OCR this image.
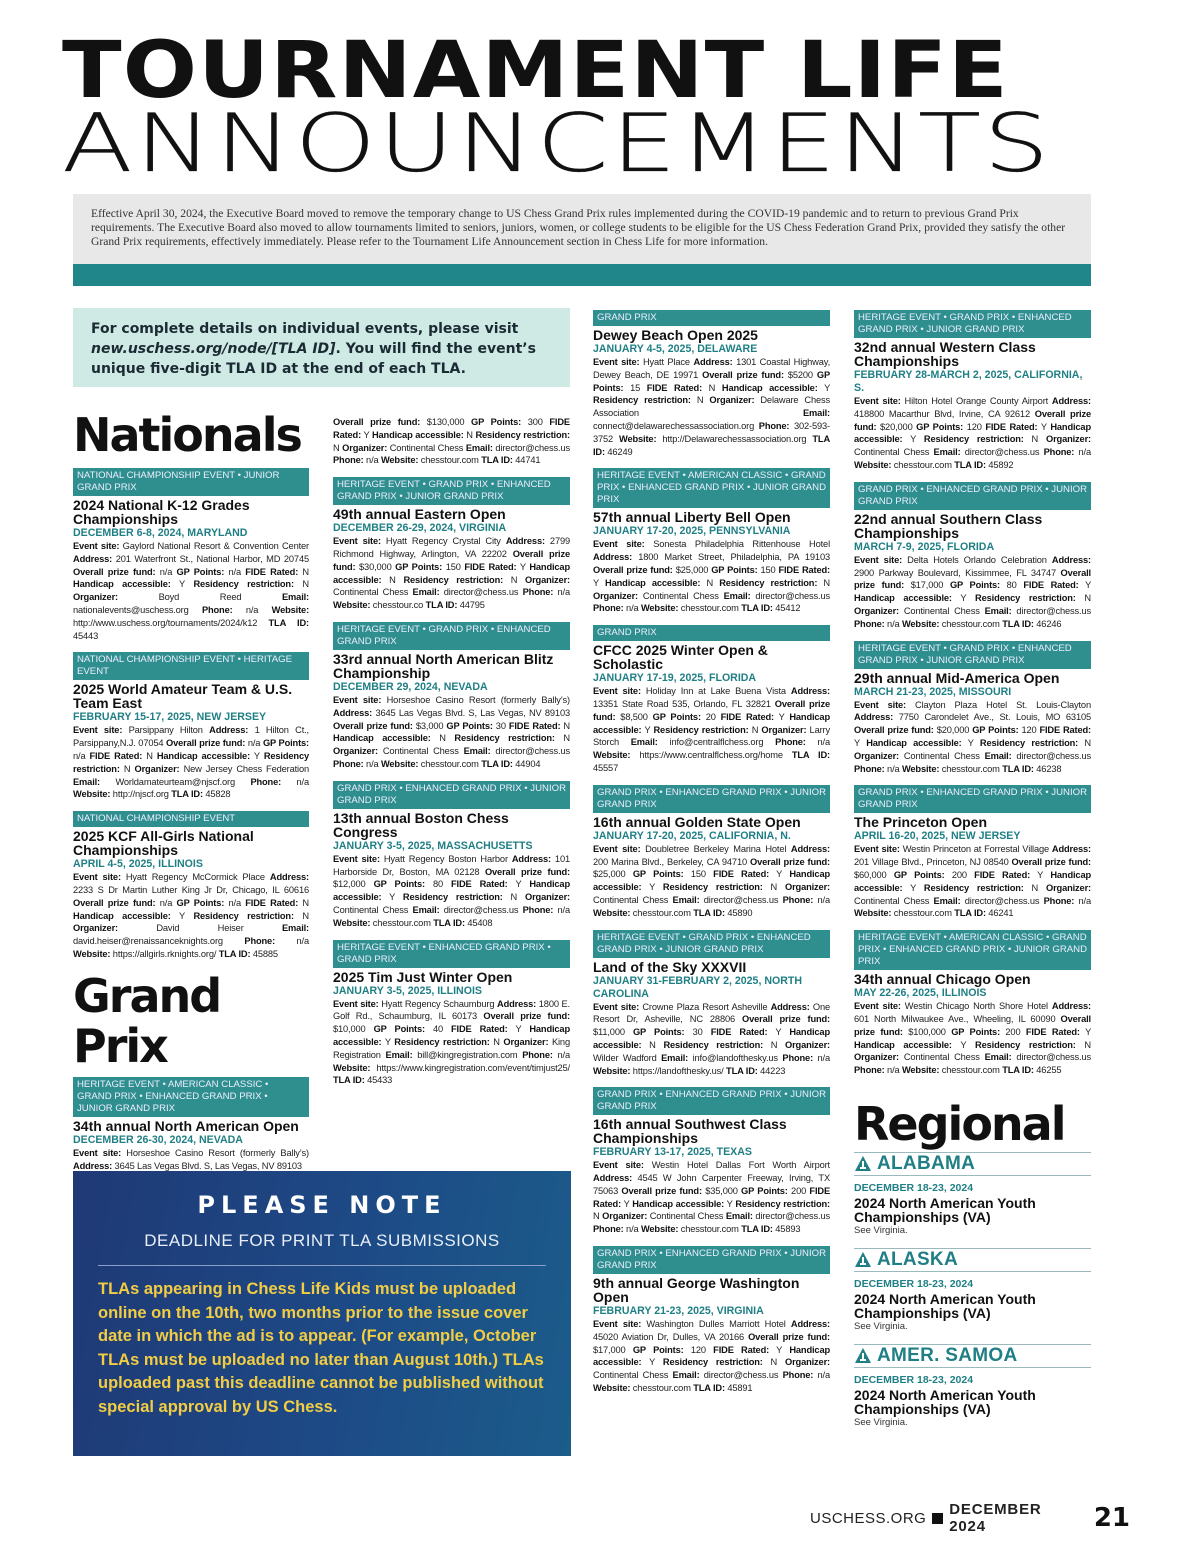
TOURNAMENT LIFE
ANNOUNCEMENTS
Effective April 30, 2024, the Executive Board moved to remove the temporary change to US Chess Grand Prix rules implemented during the COVID-19 pandemic and to return to previous Grand Prix requirements. The Executive Board also moved to allow tournaments limited to seniors, juniors, women, or college students to be eligible for the US Chess Federation Grand Prix, provided they satisfy the other Grand Prix requirements, effectively immediately. Please refer to the Tournament Life Announcement section in Chess Life for more information.
For complete details on individual events, please visit new.uschess.org/node/[TLA ID]. You will find the event’s unique five-digit TLA ID at the end of each TLA.
Nationals
NATIONAL CHAMPIONSHIP EVENT • JUNIOR GRAND PRIX
2024 National K-12 Grades Championships
DECEMBER 6-8, 2024, MARYLAND
Event site: Gaylord National Resort & Convention Center Address: 201 Waterfront St., National Harbor, MD 20745 Overall prize fund: n/a GP Points: n/a FIDE Rated: N Handicap accessible: Y Residency restriction: N Organizer: Boyd Reed Email: nationalevents@uschess.org Phone: n/a Website: http://www.uschess.org/tournaments/2024/k12 TLA ID: 45443
NATIONAL CHAMPIONSHIP EVENT • HERITAGE EVENT
2025 World Amateur Team & U.S. Team East
FEBRUARY 15-17, 2025, NEW JERSEY
Event site: Parsippany Hilton Address: 1 Hilton Ct., Parsippany,N.J. 07054 Overall prize fund: n/a GP Points: n/a FIDE Rated: N Handicap accessible: Y Residency restriction: N Organizer: New Jersey Chess Federation Email: Worldamateurteam@njscf.org Phone: n/a Website: http://njscf.org TLA ID: 45828
NATIONAL CHAMPIONSHIP EVENT
2025 KCF All-Girls National Championships
APRIL 4-5, 2025, ILLINOIS
Event site: Hyatt Regency McCormick Place Address: 2233 S Dr Martin Luther King Jr Dr, Chicago, IL 60616 Overall prize fund: n/a GP Points: n/a FIDE Rated: N Handicap accessible: Y Residency restriction: N Organizer: David Heiser Email: david.heiser@renaissanceknights.org Phone: n/a Website: https://allgirls.rknights.org/ TLA ID: 45885
Grand Prix
HERITAGE EVENT • AMERICAN CLASSIC • GRAND PRIX • ENHANCED GRAND PRIX • JUNIOR GRAND PRIX
34th annual North American Open
DECEMBER 26-30, 2024, NEVADA
Event site: Horseshoe Casino Resort (formerly Bally’s) Address: 3645 Las Vegas Blvd. S, Las Vegas, NV 89103
Overall prize fund: $130,000 GP Points: 300 FIDE Rated: Y Handicap accessible: N Residency restriction: N Organizer: Continental Chess Email: director@chess.us Phone: n/a Website: chesstour.com TLA ID: 44741
HERITAGE EVENT • GRAND PRIX • ENHANCED GRAND PRIX • JUNIOR GRAND PRIX
49th annual Eastern Open
DECEMBER 26-29, 2024, VIRGINIA
Event site: Hyatt Regency Crystal City Address: 2799 Richmond Highway, Arlington, VA 22202 Overall prize fund: $30,000 GP Points: 150 FIDE Rated: Y Handicap accessible: N Residency restriction: N Organizer: Continental Chess Email: director@chess.us Phone: n/a Website: chesstour.co TLA ID: 44795
HERITAGE EVENT • GRAND PRIX • ENHANCED GRAND PRIX
33rd annual North American Blitz Championship
DECEMBER 29, 2024, NEVADA
Event site: Horseshoe Casino Resort (formerly Bally’s) Address: 3645 Las Vegas Blvd. S, Las Vegas, NV 89103 Overall prize fund: $3,000 GP Points: 30 FIDE Rated: N Handicap accessible: N Residency restriction: N Organizer: Continental Chess Email: director@chess.us Phone: n/a Website: chesstour.com TLA ID: 44904
GRAND PRIX • ENHANCED GRAND PRIX • JUNIOR GRAND PRIX
13th annual Boston Chess Congress
JANUARY 3-5, 2025, MASSACHUSETTS
Event site: Hyatt Regency Boston Harbor Address: 101 Harborside Dr, Boston, MA 02128 Overall prize fund: $12,000 GP Points: 80 FIDE Rated: Y Handicap accessible: Y Residency restriction: N Organizer: Continental Chess Email: director@chess.us Phone: n/a Website: chesstour.com TLA ID: 45408
HERITAGE EVENT • ENHANCED GRAND PRIX • GRAND PRIX
2025 Tim Just Winter Open
JANUARY 3-5, 2025, ILLINOIS
Event site: Hyatt Regency Schaumburg Address: 1800 E. Golf Rd., Schaumburg, IL 60173 Overall prize fund: $10,000 GP Points: 40 FIDE Rated: Y Handicap accessible: Y Residency restriction: N Organizer: King Registration Email: bill@kingregistration.com Phone: n/a Website: https://www.kingregistration.com/event/timjust25/ TLA ID: 45433
GRAND PRIX
Dewey Beach Open 2025
JANUARY 4-5, 2025, DELAWARE
Event site: Hyatt Place Address: 1301 Coastal Highway, Dewey Beach, DE 19971 Overall prize fund: $5200 GP Points: 15 FIDE Rated: N Handicap accessible: Y Residency restriction: N Organizer: Delaware Chess Association Email: connect@delawarechessassociation.org Phone: 302-593-3752 Website: http://Delawarechessassociation.org TLA ID: 46249
HERITAGE EVENT • AMERICAN CLASSIC • GRAND PRIX • ENHANCED GRAND PRIX • JUNIOR GRAND PRIX
57th annual Liberty Bell Open
JANUARY 17-20, 2025, PENNSYLVANIA
Event site: Sonesta Philadelphia Rittenhouse Hotel Address: 1800 Market Street, Philadelphia, PA 19103 Overall prize fund: $25,000 GP Points: 150 FIDE Rated: Y Handicap accessible: N Residency restriction: N Organizer: Continental Chess Email: director@chess.us Phone: n/a Website: chesstour.com TLA ID: 45412
GRAND PRIX
CFCC 2025 Winter Open & Scholastic
JANUARY 17-19, 2025, FLORIDA
Event site: Holiday Inn at Lake Buena Vista Address: 13351 State Road 535, Orlando, FL 32821 Overall prize fund: $8,500 GP Points: 20 FIDE Rated: Y Handicap accessible: Y Residency restriction: N Organizer: Larry Storch Email: info@centralflchess.org Phone: n/a Website: https://www.centralflchess.org/home TLA ID: 45557
GRAND PRIX • ENHANCED GRAND PRIX • JUNIOR GRAND PRIX
16th annual Golden State Open
JANUARY 17-20, 2025, CALIFORNIA, N.
Event site: Doubletree Berkeley Marina Hotel Address: 200 Marina Blvd., Berkeley, CA 94710 Overall prize fund: $25,000 GP Points: 150 FIDE Rated: Y Handicap accessible: Y Residency restriction: N Organizer: Continental Chess Email: director@chess.us Phone: n/a Website: chesstour.com TLA ID: 45890
HERITAGE EVENT • GRAND PRIX • ENHANCED GRAND PRIX • JUNIOR GRAND PRIX
Land of the Sky XXXVII
JANUARY 31-FEBRUARY 2, 2025, NORTH CAROLINA
Event site: Crowne Plaza Resort Asheville Address: One Resort Dr, Asheville, NC 28806 Overall prize fund: $11,000 GP Points: 30 FIDE Rated: Y Handicap accessible: N Residency restriction: N Organizer: Wilder Wadford Email: info@landofthesky.us Phone: n/a Website: https://landofthesky.us/ TLA ID: 44223
GRAND PRIX • ENHANCED GRAND PRIX • JUNIOR GRAND PRIX
16th annual Southwest Class Championships
FEBRUARY 13-17, 2025, TEXAS
Event site: Westin Hotel Dallas Fort Worth Airport Address: 4545 W John Carpenter Freeway, Irving, TX 75063 Overall prize fund: $35,000 GP Points: 200 FIDE Rated: Y Handicap accessible: Y Residency restriction: N Organizer: Continental Chess Email: director@chess.us Phone: n/a Website: chesstour.com TLA ID: 45893
GRAND PRIX • ENHANCED GRAND PRIX • JUNIOR GRAND PRIX
9th annual George Washington Open
FEBRUARY 21-23, 2025, VIRGINIA
Event site: Washington Dulles Marriott Hotel Address: 45020 Aviation Dr, Dulles, VA 20166 Overall prize fund: $17,000 GP Points: 120 FIDE Rated: Y Handicap accessible: Y Residency restriction: N Organizer: Continental Chess Email: director@chess.us Phone: n/a Website: chesstour.com TLA ID: 45891
HERITAGE EVENT • GRAND PRIX • ENHANCED GRAND PRIX • JUNIOR GRAND PRIX
32nd annual Western Class Championships
FEBRUARY 28-MARCH 2, 2025, CALIFORNIA, S.
Event site: Hilton Hotel Orange County Airport Address: 418800 Macarthur Blvd, Irvine, CA 92612 Overall prize fund: $20,000 GP Points: 120 FIDE Rated: Y Handicap accessible: Y Residency restriction: N Organizer: Continental Chess Email: director@chess.us Phone: n/a Website: chesstour.com TLA ID: 45892
GRAND PRIX • ENHANCED GRAND PRIX • JUNIOR GRAND PRIX
22nd annual Southern Class Championships
MARCH 7-9, 2025, FLORIDA
Event site: Delta Hotels Orlando Celebration Address: 2900 Parkway Boulevard, Kissimmee, FL 34747 Overall prize fund: $17,000 GP Points: 80 FIDE Rated: Y Handicap accessible: Y Residency restriction: N Organizer: Continental Chess Email: director@chess.us Phone: n/a Website: chesstour.com TLA ID: 46246
HERITAGE EVENT • GRAND PRIX • ENHANCED GRAND PRIX • JUNIOR GRAND PRIX
29th annual Mid-America Open
MARCH 21-23, 2025, MISSOURI
Event site: Clayton Plaza Hotel St. Louis-Clayton Address: 7750 Carondelet Ave., St. Louis, MO 63105 Overall prize fund: $20,000 GP Points: 120 FIDE Rated: Y Handicap accessible: Y Residency restriction: N Organizer: Continental Chess Email: director@chess.us Phone: n/a Website: chesstour.com TLA ID: 46238
GRAND PRIX • ENHANCED GRAND PRIX • JUNIOR GRAND PRIX
The Princeton Open
APRIL 16-20, 2025, NEW JERSEY
Event site: Westin Princeton at Forrestal Village Address: 201 Village Blvd., Princeton, NJ 08540 Overall prize fund: $60,000 GP Points: 200 FIDE Rated: Y Handicap accessible: Y Residency restriction: N Organizer: Continental Chess Email: director@chess.us Phone: n/a Website: chesstour.com TLA ID: 46241
HERITAGE EVENT • AMERICAN CLASSIC • GRAND PRIX • ENHANCED GRAND PRIX • JUNIOR GRAND PRIX
34th annual Chicago Open
MAY 22-26, 2025, ILLINOIS
Event site: Westin Chicago North Shore Hotel Address: 601 North Milwaukee Ave., Wheeling, IL 60090 Overall prize fund: $100,000 GP Points: 200 FIDE Rated: Y Handicap accessible: Y Residency restriction: N Organizer: Continental Chess Email: director@chess.us Phone: n/a Website: chesstour.com TLA ID: 46255
Regional
ALABAMA
DECEMBER 18-23, 2024
2024 North American Youth Championships (VA)
See Virginia.
ALASKA
DECEMBER 18-23, 2024
2024 North American Youth Championships (VA)
See Virginia.
AMER. SAMOA
DECEMBER 18-23, 2024
2024 North American Youth Championships (VA)
See Virginia.
PLEASE NOTE
DEADLINE FOR PRINT TLA SUBMISSIONS
TLAs appearing in Chess Life Kids must be uploaded online on the 10th, two months prior to the issue cover date in which the ad is to appear. (For example, October TLAs must be uploaded no later than August 10th.) TLAs uploaded past this deadline cannot be published without special approval by US Chess.
USCHESS.ORG DECEMBER 2024	21
